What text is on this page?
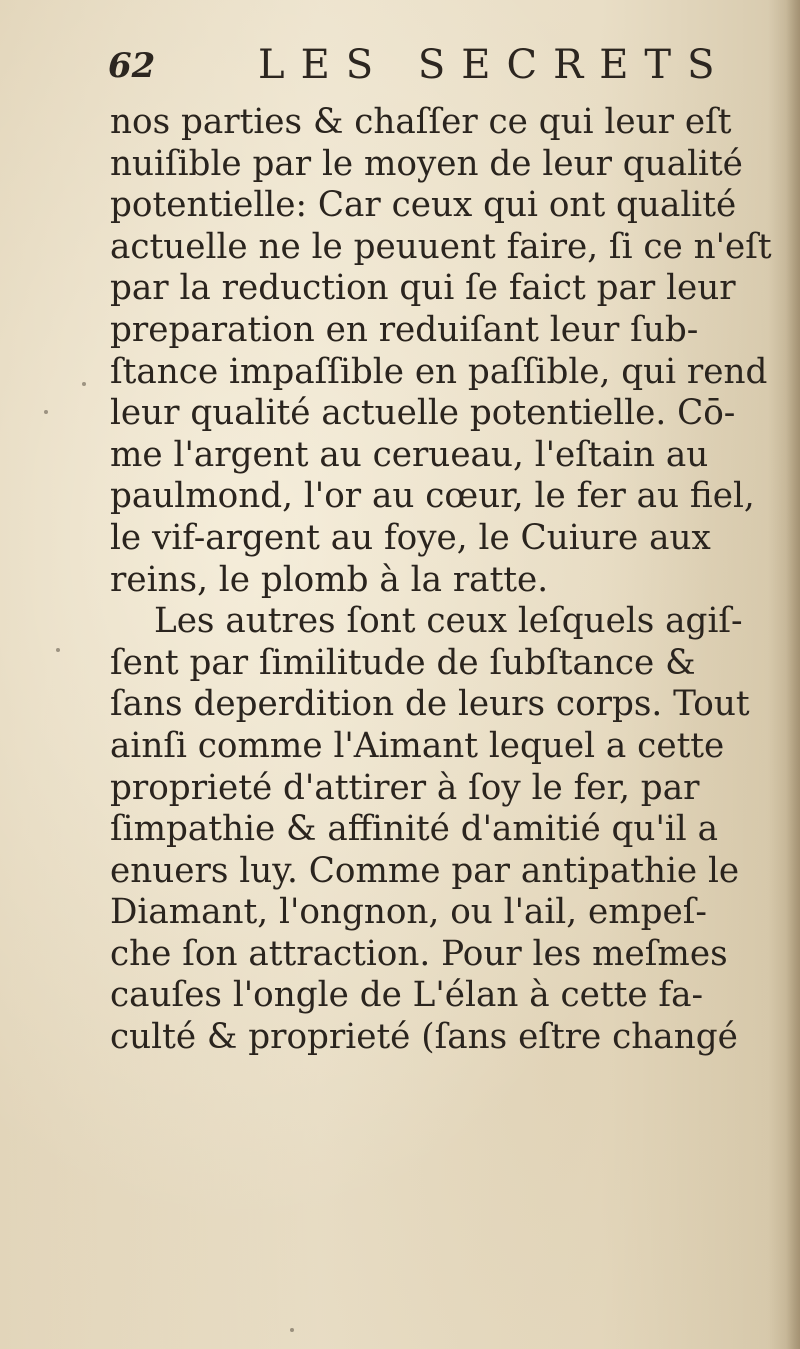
62	LES SECRETS
nos parties & chaſſer ce qui leur eſt
nuiſible par le moyen de leur qualité
potentielle: Car ceux qui ont qualité
actuelle ne le peuuent faire, ſi ce n'eſt
par la reduction qui ſe faict par leur
preparation en reduiſant leur ſub-
ſtance impaſſible en paſſible, qui rend
leur qualité actuelle potentielle. Cō-
me l'argent au cerueau, l'eſtain au
paulmond, l'or au cœur, le fer au fiel,
le vif-argent au foye, le Cuiure aux
reins, le plomb à la ratte.
Les autres ſont ceux leſquels agiſ-
ſent par ſimilitude de ſubſtance &
ſans deperdition de leurs corps. Tout
ainſi comme l'Aimant lequel a cette
proprieté d'attirer à ſoy le fer, par
ſimpathie & affinité d'amitié qu'il a
enuers luy. Comme par antipathie le
Diamant, l'ongnon, ou l'ail, empeſ-
che ſon attraction. Pour les meſmes
cauſes l'ongle de L'élan à cette fa-
culté & proprieté (ſans eſtre changé
